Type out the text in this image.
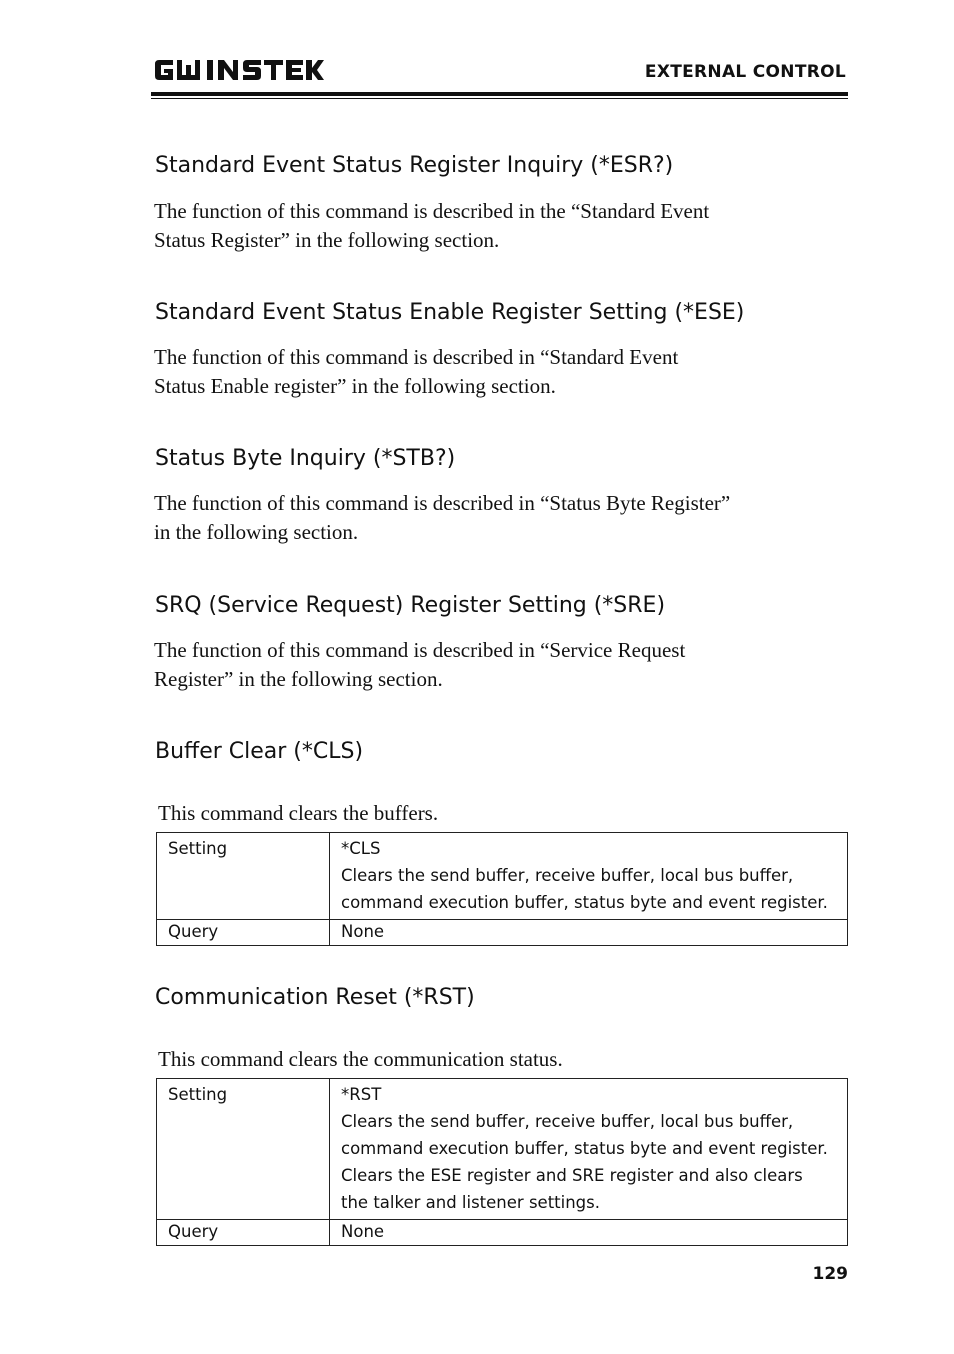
EXTERNAL CONTROL
Standard Event Status Register Inquiry (*ESR?)
The function of this command is described in the “Standard Event
Status Register” in the following section.
Standard Event Status Enable Register Setting (*ESE)
The function of this command is described in “Standard Event
Status Enable register” in the following section.
Status Byte Inquiry (*STB?)
The function of this command is described in “Status Byte Register”
in the following section.
SRQ (Service Request) Register Setting (*SRE)
The function of this command is described in “Service Request
Register” in the following section.
Buffer Clear (*CLS)
This command clears the buffers.
Setting	*CLS
Clears the send buffer, receive buffer, local bus buffer,
command execution buffer, status byte and event register.

Query	None
Communication Reset (*RST)
This command clears the communication status.
Setting	*RST
Clears the send buffer, receive buffer, local bus buffer,
command execution buffer, status byte and event register.
Clears the ESE register and SRE register and also clears
the talker and listener settings.

Query	None
129
